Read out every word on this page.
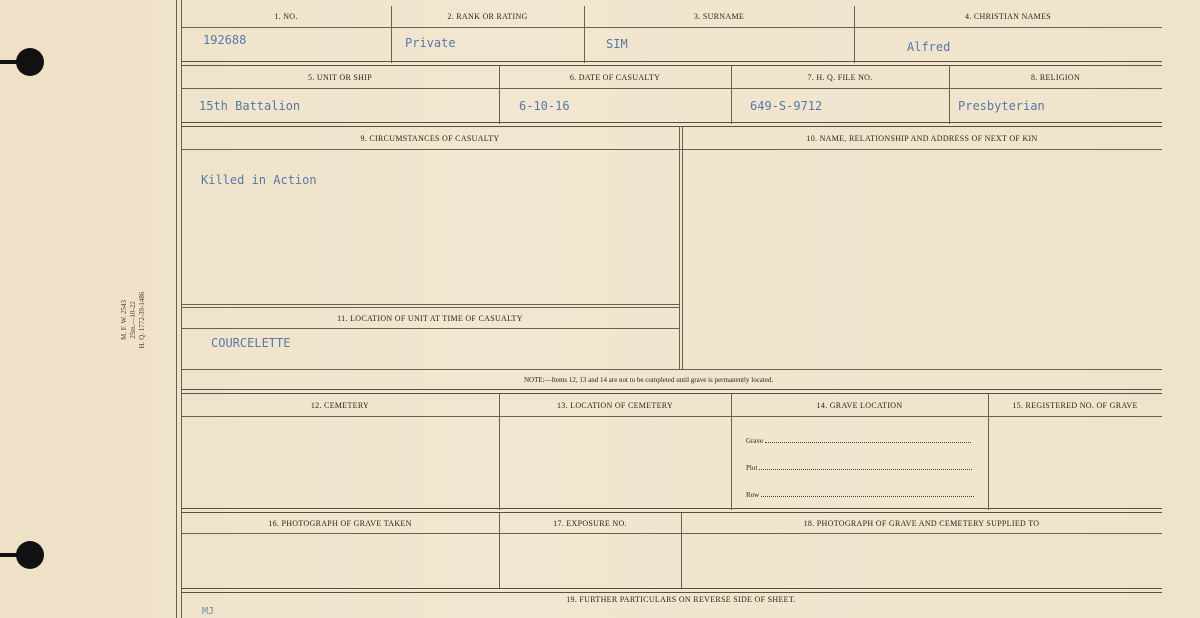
M. F. W. 2543 25m.—10-22 H. Q. 1772-39-1486
1. NO.	2. RANK OR RATING	3. SURNAME	4. CHRISTIAN NAMES
192688	Private	SIM	Alfred
5. UNIT OR SHIP	6. DATE OF CASUALTY	7. H. Q. FILE NO.	8. RELIGION
15th Battalion	6-10-16	649-S-9712	Presbyterian
9. CIRCUMSTANCES OF CASUALTY	10. NAME, RELATIONSHIP AND ADDRESS OF NEXT OF KIN
Killed in Action
11. LOCATION OF UNIT AT TIME OF CASUALTY
COURCELETTE
NOTE:—Items 12, 13 and 14 are not to be completed until grave is permanently located.
12. CEMETERY	13. LOCATION OF CEMETERY	14. GRAVE LOCATION	15. REGISTERED NO. OF GRAVE
Grave
Plot
Row
16. PHOTOGRAPH OF GRAVE TAKEN	17. EXPOSURE NO.	18. PHOTOGRAPH OF GRAVE AND CEMETERY SUPPLIED TO
19. FURTHER PARTICULARS ON REVERSE SIDE OF SHEET.
MJ
